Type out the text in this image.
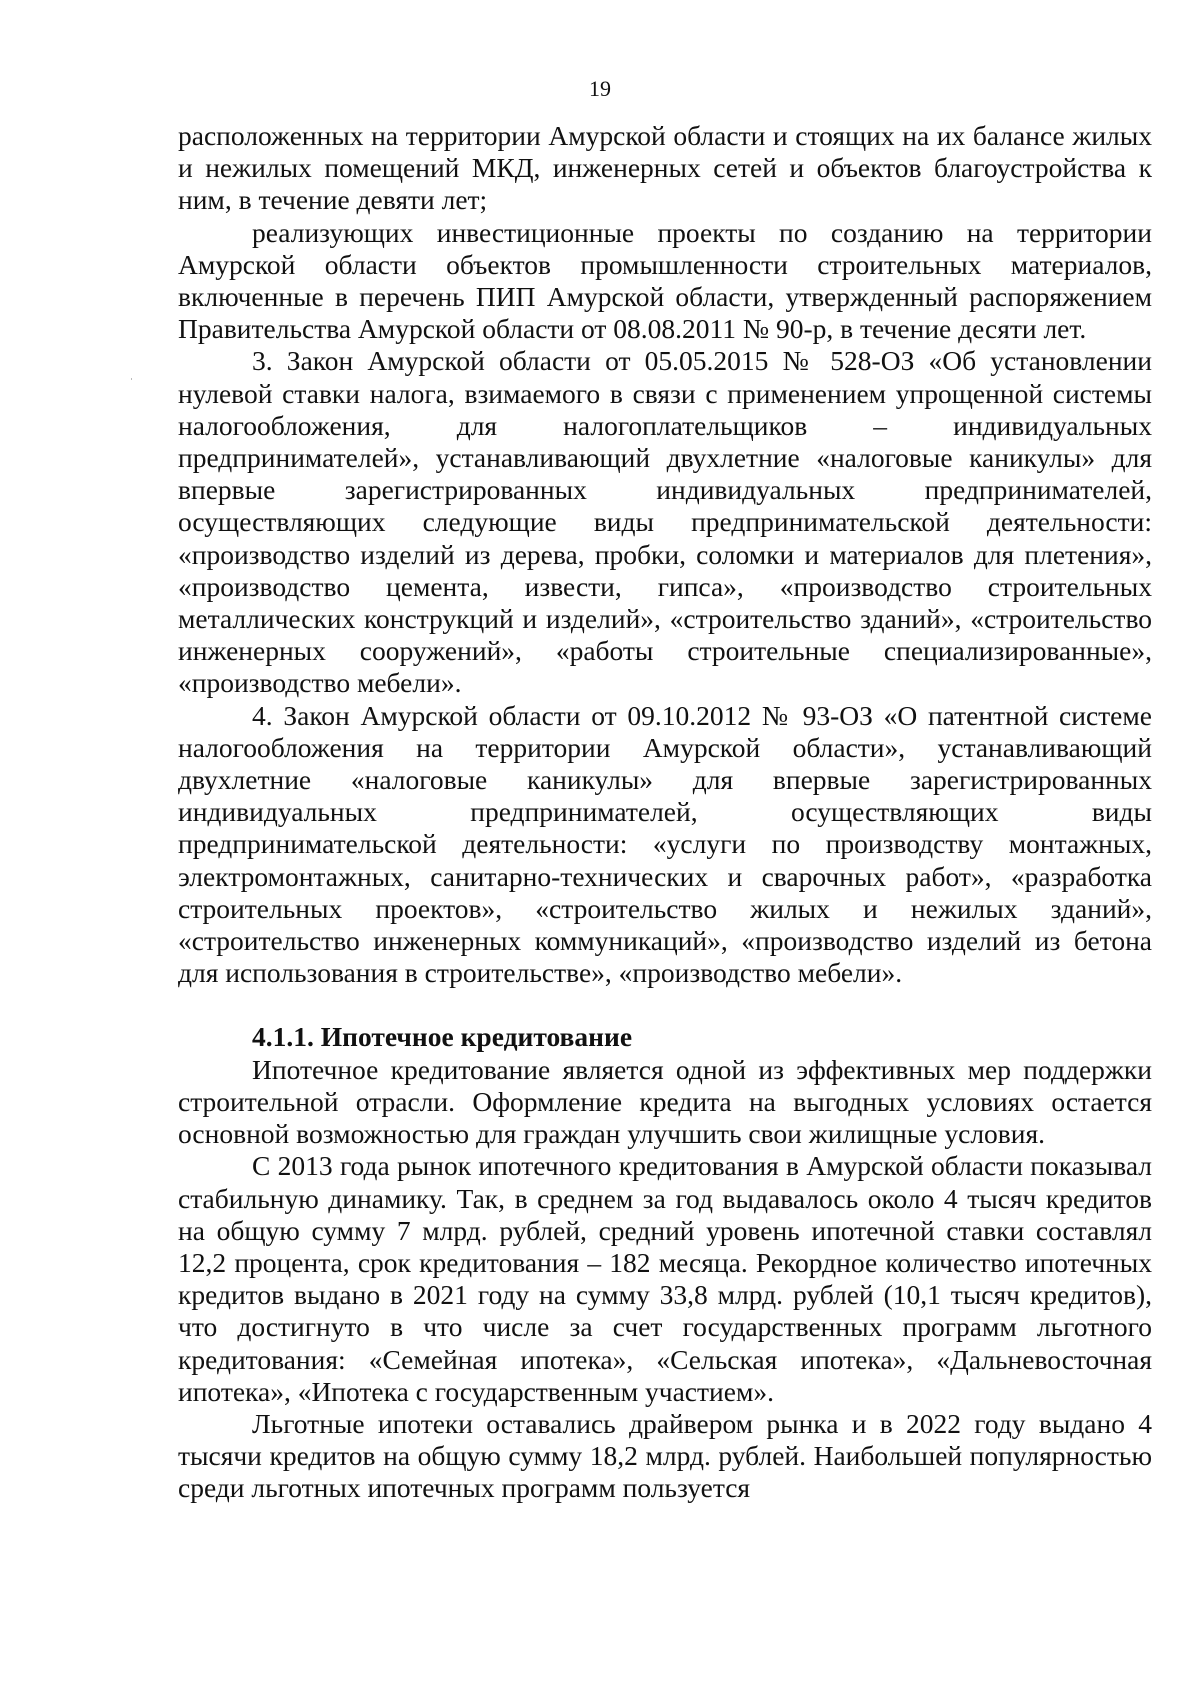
19

расположенных на территории Амурской области и стоящих на их балансе жилых и нежилых помещений МКД, инженерных сетей и объектов благоустройства к ним, в течение девяти лет;

реализующих инвестиционные проекты по созданию на территории Амурской области объектов промышленности строительных материалов, включенные в перечень ПИП Амурской области, утвержденный распоряжением Правительства Амурской области от 08.08.2011 № 90-р, в течение десяти лет.

3. Закон Амурской области от 05.05.2015 № 528-ОЗ «Об установлении нулевой ставки налога, взимаемого в связи с применением упрощенной системы налогообложения, для налогоплательщиков – индивидуальных предпринимателей», устанавливающий двухлетние «налоговые каникулы» для впервые зарегистрированных индивидуальных предпринимателей, осуществляющих следующие виды предпринимательской деятельности: «производство изделий из дерева, пробки, соломки и материалов для плетения», «производство цемента, извести, гипса», «производство строительных металлических конструкций и изделий», «строительство зданий», «строительство инженерных сооружений», «работы строительные специализированные», «производство мебели».

4. Закон Амурской области от 09.10.2012 № 93-ОЗ «О патентной системе налогообложения на территории Амурской области», устанавливающий двухлетние «налоговые каникулы» для впервые зарегистрированных индивидуальных предпринимателей, осуществляющих виды предпринимательской деятельности: «услуги по производству монтажных, электромонтажных, санитарно-технических и сварочных работ», «разработка строительных проектов», «строительство жилых и нежилых зданий», «строительство инженерных коммуникаций», «производство изделий из бетона для использования в строительстве», «производство мебели».

4.1.1. Ипотечное кредитование

Ипотечное кредитование является одной из эффективных мер поддержки строительной отрасли. Оформление кредита на выгодных условиях остается основной возможностью для граждан улучшить свои жилищные условия.

С 2013 года рынок ипотечного кредитования в Амурской области показывал стабильную динамику. Так, в среднем за год выдавалось около 4 тысяч кредитов на общую сумму 7 млрд. рублей, средний уровень ипотечной ставки составлял 12,2 процента, срок кредитования – 182 месяца. Рекордное количество ипотечных кредитов выдано в 2021 году на сумму 33,8 млрд. рублей (10,1 тысяч кредитов), что достигнуто в что числе за счет государственных программ льготного кредитования: «Семейная ипотека», «Сельская ипотека», «Дальневосточная ипотека», «Ипотека с государственным участием».

Льготные ипотеки оставались драйвером рынка и в 2022 году выдано 4 тысячи кредитов на общую сумму 18,2 млрд. рублей. Наибольшей популярностью среди льготных ипотечных программ пользуется
